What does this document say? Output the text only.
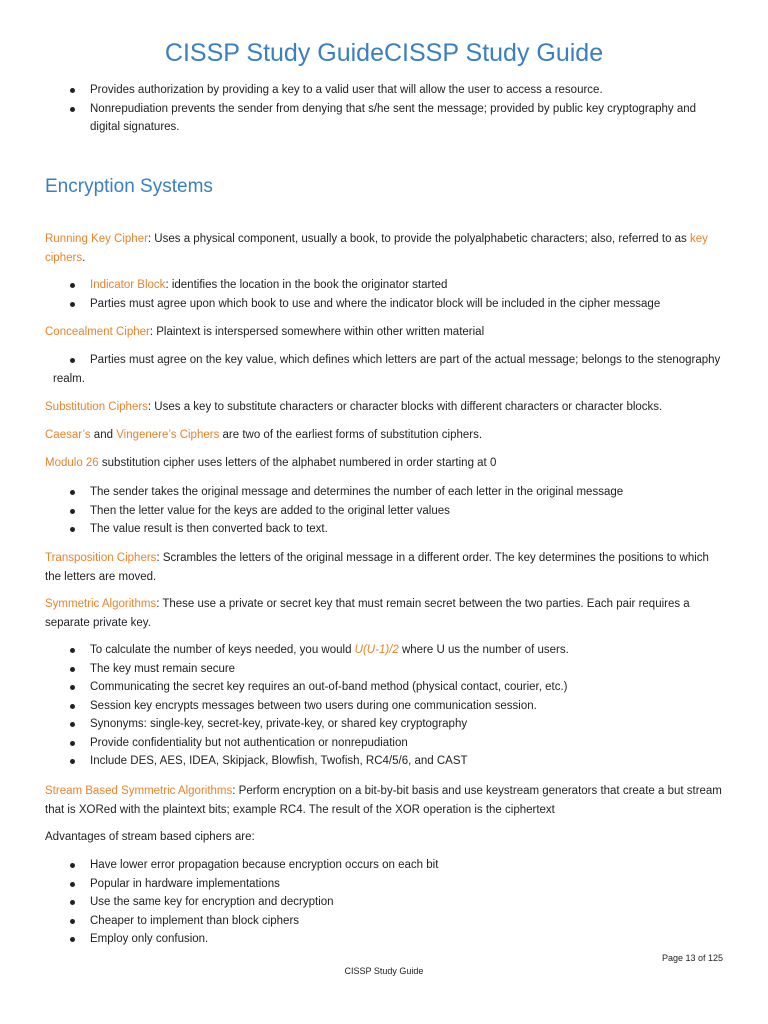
CISSP Study GuideCISSP Study Guide
Provides authorization by providing a key to a valid user that will allow the user to access a resource.
Nonrepudiation prevents the sender from denying that s/he sent the message; provided by public key cryptography and digital signatures.
Encryption Systems

Running Key Cipher: Uses a physical component, usually a book, to provide the polyalphabetic characters; also, referred to as key ciphers.

Indicator Block: identifies the location in the book the originator started
Parties must agree upon which book to use and where the indicator block will be included in the cipher message

Concealment Cipher: Plaintext is interspersed somewhere within other written material

Parties must agree on the key value, which defines which letters are part of the actual message; belongs to the stenography realm.

Substitution Ciphers: Uses a key to substitute characters or character blocks with different characters or character blocks.

Caesar’s and Vingenere’s Ciphers are two of the earliest forms of substitution ciphers.

Modulo 26 substitution cipher uses letters of the alphabet numbered in order starting at 0

The sender takes the original message and determines the number of each letter in the original message
Then the letter value for the keys are added to the original letter values
The value result is then converted back to text.

Transposition Ciphers: Scrambles the letters of the original message in a different order. The key determines the positions to which the letters are moved.

Symmetric Algorithms: These use a private or secret key that must remain secret between the two parties. Each pair requires a separate private key.

To calculate the number of keys needed, you would U(U-1)/2 where U us the number of users.
The key must remain secure
Communicating the secret key requires an out-of-band method (physical contact, courier, etc.)
Session key encrypts messages between two users during one communication session.
Synonyms: single-key, secret-key, private-key, or shared key cryptography
Provide confidentiality but not authentication or nonrepudiation
Include DES, AES, IDEA, Skipjack, Blowfish, Twofish, RC4/5/6, and CAST

Stream Based Symmetric Algorithms: Perform encryption on a bit-by-bit basis and use keystream generators that create a but stream that is XORed with the plaintext bits; example RC4. The result of the XOR operation is the ciphertext

Advantages of stream based ciphers are:

Have lower error propagation because encryption occurs on each bit
Popular in hardware implementations
Use the same key for encryption and decryption
Cheaper to implement than block ciphers
Employ only confusion.
Page 13 of 125
CISSP Study Guide
